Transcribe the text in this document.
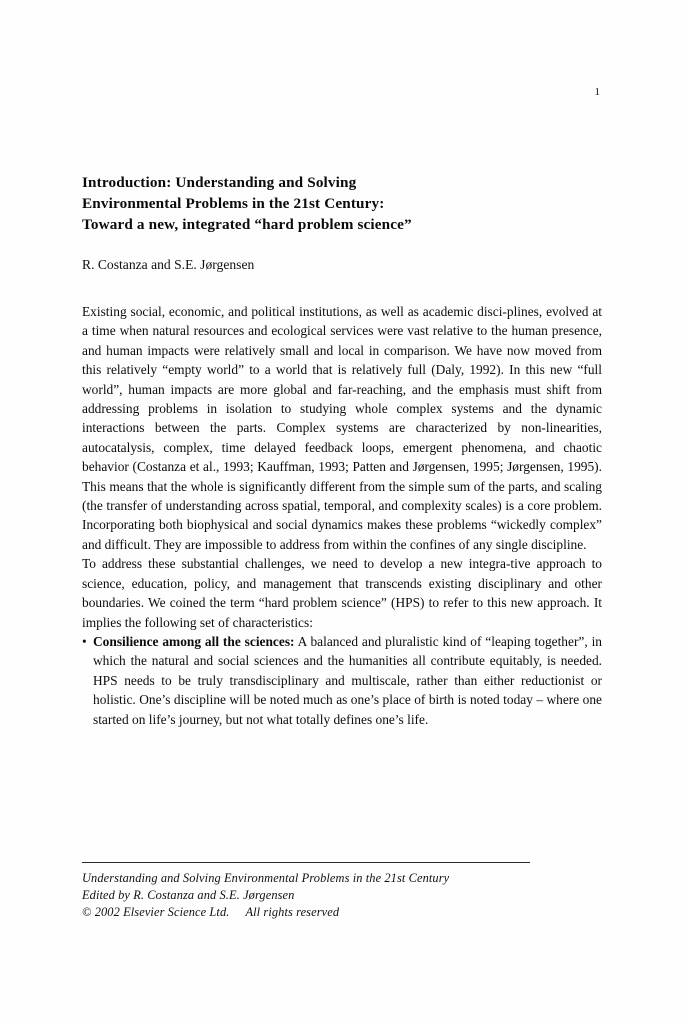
1
Introduction: Understanding and Solving
Environmental Problems in the 21st Century:
Toward a new, integrated “hard problem science”
R. Costanza and S.E. Jørgensen

Existing social, economic, and political institutions, as well as academic disci-plines, evolved at a time when natural resources and ecological services were vast relative to the human presence, and human impacts were relatively small and local in comparison. We have now moved from this relatively “empty world” to a world that is relatively full (Daly, 1992). In this new “full world”, human impacts are more global and far-reaching, and the emphasis must shift from addressing problems in isolation to studying whole complex systems and the dynamic interactions between the parts. Complex systems are characterized by non-linearities, autocatalysis, complex, time delayed feedback loops, emergent phenomena, and chaotic behavior (Costanza et al., 1993; Kauffman, 1993; Patten and Jørgensen, 1995; Jørgensen, 1995). This means that the whole is significantly different from the simple sum of the parts, and scaling (the transfer of understanding across spatial, temporal, and complexity scales) is a core problem. Incorporating both biophysical and social dynamics makes these problems “wickedly complex” and difficult. They are impossible to address from within the confines of any single discipline.

To address these substantial challenges, we need to develop a new integra-tive approach to science, education, policy, and management that transcends existing disciplinary and other boundaries. We coined the term “hard problem science” (HPS) to refer to this new approach. It implies the following set of characteristics:

• Consilience among all the sciences: A balanced and pluralistic kind of “leaping together”, in which the natural and social sciences and the humanities all contribute equitably, is needed. HPS needs to be truly transdisciplinary and multiscale, rather than either reductionist or holistic. One’s discipline will be noted much as one’s place of birth is noted today – where one started on life’s journey, but not what totally defines one’s life.
Understanding and Solving Environmental Problems in the 21st Century
Edited by R. Costanza and S.E. Jørgensen
© 2002 Elsevier Science Ltd. All rights reserved
